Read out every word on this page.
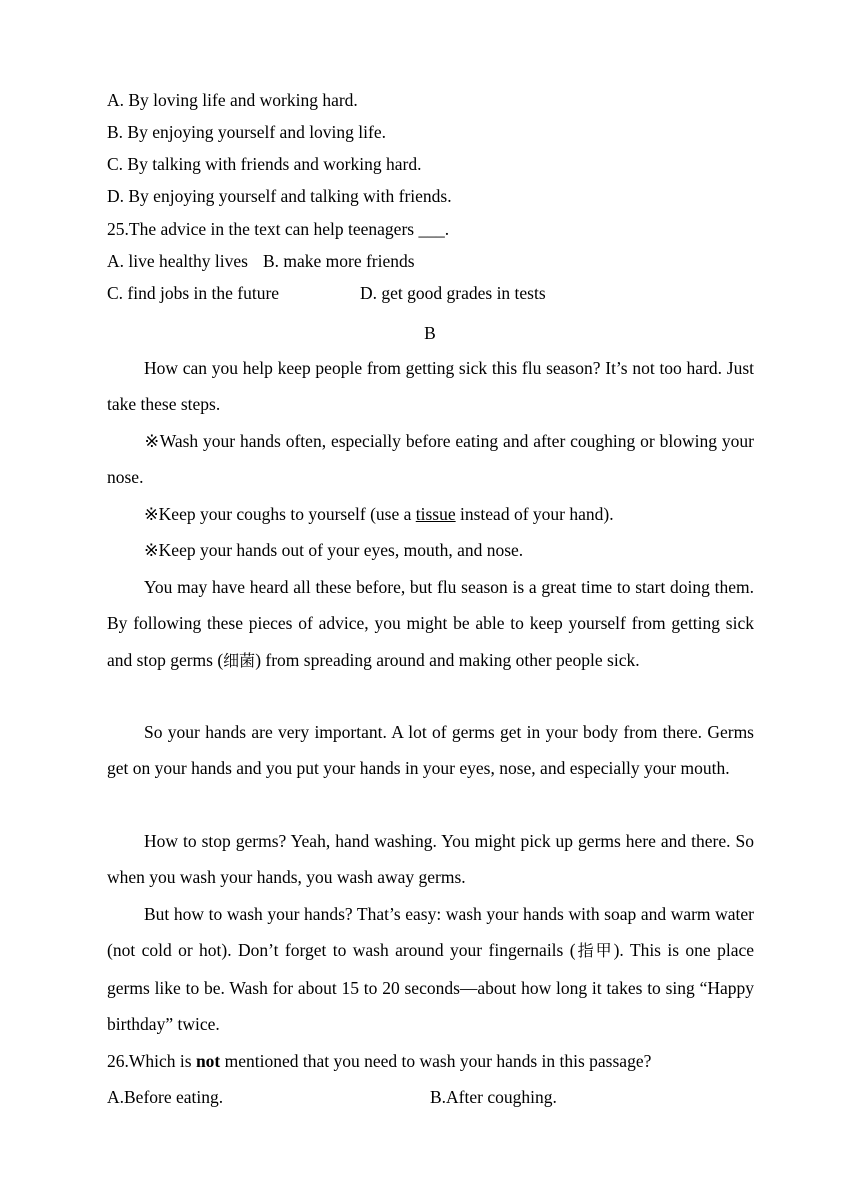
A. By loving life and working hard.
B. By enjoying yourself and loving life.
C. By talking with friends and working hard.
D. By enjoying yourself and talking with friends.
25.The advice in the text can help teenagers ___.
A. live healthy lives B. make more friends
C. find jobs in the future	D. get good grades in tests
B
How can you help keep people from getting sick this flu season? It’s not too hard. Just take these steps.
※Wash your hands often, especially before eating and after coughing or blowing your nose.
※Keep your coughs to yourself (use a tissue instead of your hand).
※Keep your hands out of your eyes, mouth, and nose.
You may have heard all these before, but flu season is a great time to start doing them. By following these pieces of advice, you might be able to keep yourself from getting sick and stop germs (细菌) from spreading around and making other people sick.
So your hands are very important. A lot of germs get in your body from there. Germs get on your hands and you put your hands in your eyes, nose, and especially your mouth.
How to stop germs? Yeah, hand washing. You might pick up germs here and there. So when you wash your hands, you wash away germs.
But how to wash your hands? That’s easy: wash your hands with soap and warm water (not cold or hot). Don’t forget to wash around your fingernails (指甲). This is one place germs like to be. Wash for about 15 to 20 seconds—about how long it takes to sing “Happy birthday” twice.
26.Which is not mentioned that you need to wash your hands in this passage?
A.Before eating.	B.After coughing.
